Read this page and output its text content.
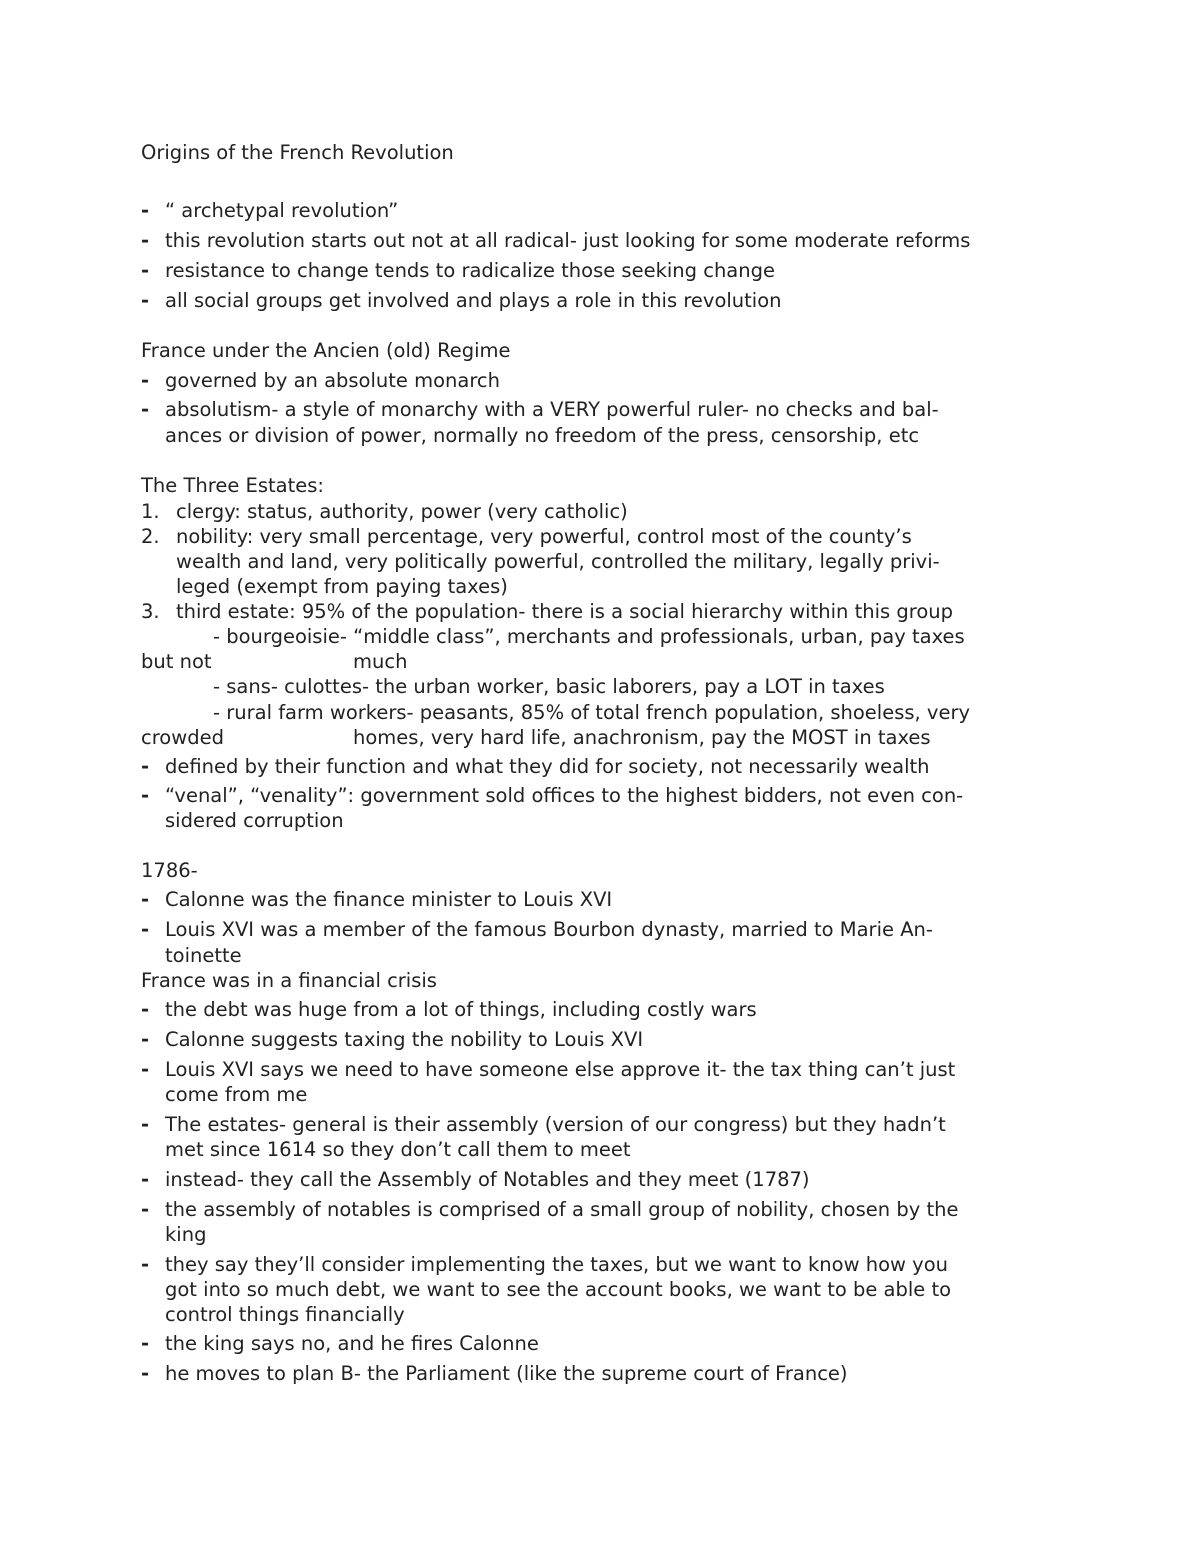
Origins of the French Revolution
- “ archetypal revolution”
- this revolution starts out not at all radical- just looking for some moderate reforms
- resistance to change tends to radicalize those seeking change
- all social groups get involved and plays a role in this revolution
France under the Ancien (old) Regime
- governed by an absolute monarch
- absolutism- a style of monarchy with a VERY powerful ruler- no checks and bal-
ances or division of power, normally no freedom of the press, censorship, etc
The Three Estates:
1. clergy: status, authority, power (very catholic)
2. nobility: very small percentage, very powerful, control most of the county’s
wealth and land, very politically powerful, controlled the military, legally privi-
leged (exempt from paying taxes)
3. third estate: 95% of the population- there is a social hierarchy within this group
- bourgeoisie- “middle class”, merchants and professionals, urban, pay taxes
but not	much
- sans- culottes- the urban worker, basic laborers, pay a LOT in taxes
- rural farm workers- peasants, 85% of total french population, shoeless, very
crowded	homes, very hard life, anachronism, pay the MOST in taxes
- defined by their function and what they did for society, not necessarily wealth
- “venal”, “venality”: government sold offices to the highest bidders, not even con-
sidered corruption
1786-
- Calonne was the finance minister to Louis XVI
- Louis XVI was a member of the famous Bourbon dynasty, married to Marie An-
toinette
France was in a financial crisis
- the debt was huge from a lot of things, including costly wars
- Calonne suggests taxing the nobility to Louis XVI
- Louis XVI says we need to have someone else approve it- the tax thing can’t just
come from me
- The estates- general is their assembly (version of our congress) but they hadn’t
met since 1614 so they don’t call them to meet
- instead- they call the Assembly of Notables and they meet (1787)
- the assembly of notables is comprised of a small group of nobility, chosen by the
king
- they say they’ll consider implementing the taxes, but we want to know how you
got into so much debt, we want to see the account books, we want to be able to
control things financially
- the king says no, and he fires Calonne
- he moves to plan B- the Parliament (like the supreme court of France)
